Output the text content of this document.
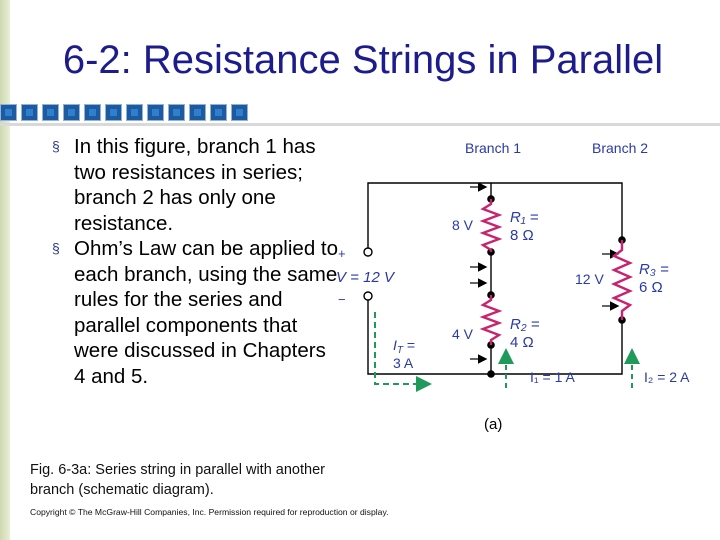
6-2: Resistance Strings in Parallel

§ In this figure, branch 1 has two resistances in series; branch 2 has only one resistance.

§ Ohm’s Law can be applied to each branch, using the same rules for the series and parallel components that were discussed in Chapters 4 and 5.

Fig. 6-3a: Series string in parallel with another branch (schematic diagram).
Copyright © The McGraw-Hill Companies, Inc. Permission required for reproduction or display.
Branch 1	Branch 2
+
−
V = 12 V
8 V R₁ =
8 Ω
4 V
R₂ =
4 Ω
12 V
R₃ =
6 Ω
$I_T$ =
3 A
I₁ = 1 A	I₂ = 2 A
(a)
